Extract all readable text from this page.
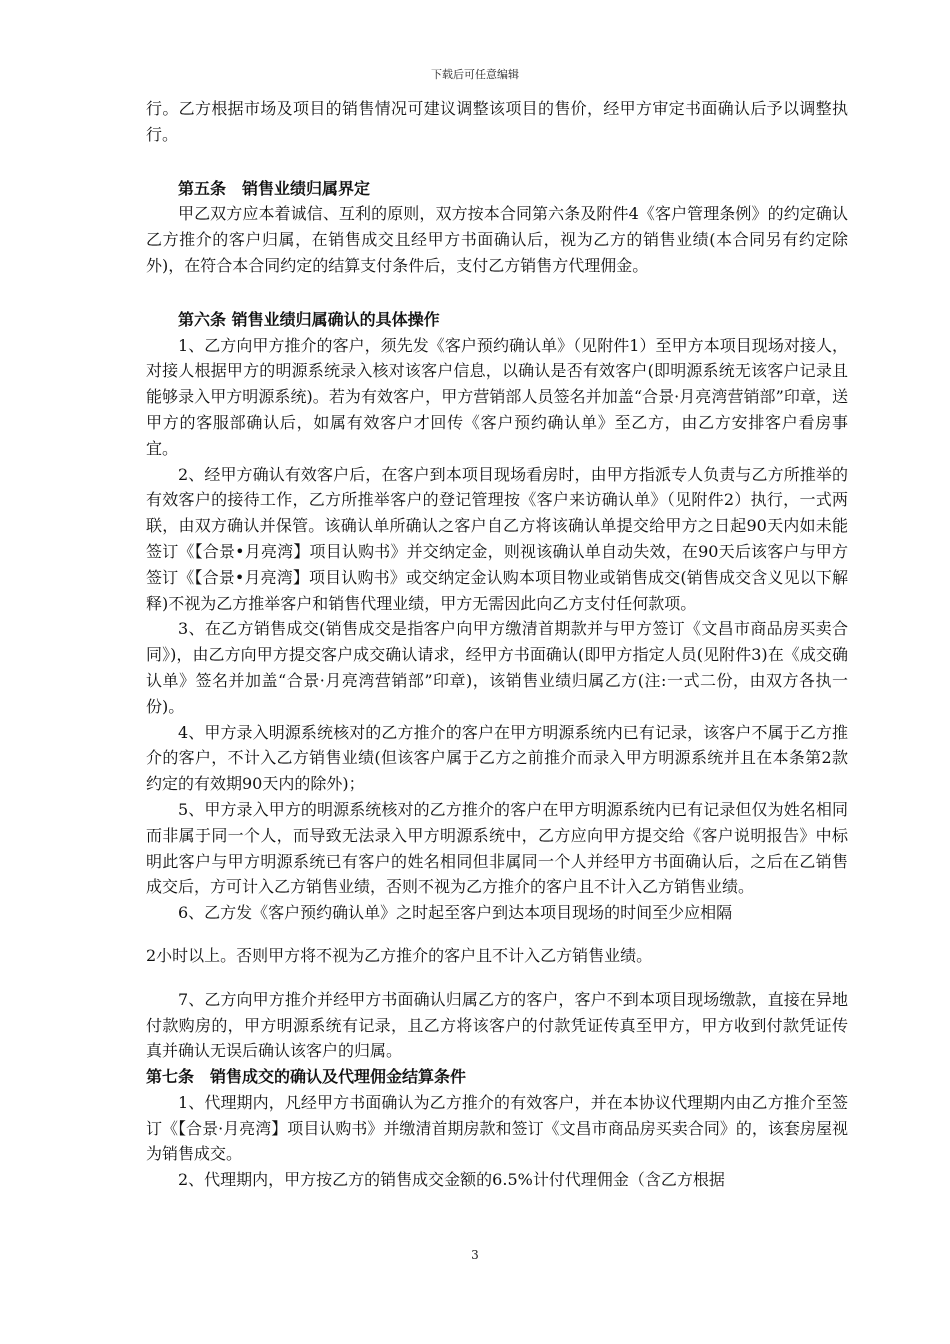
下载后可任意编辑

行。乙方根据市场及项目的销售情况可建议调整该项目的售价，经甲方审定书面确认后予以调整执行。

第五条　销售业绩归属界定

甲乙双方应本着诚信、互利的原则，双方按本合同第六条及附件4《客户管理条例》的约定确认乙方推介的客户归属，在销售成交且经甲方书面确认后，视为乙方的销售业绩(本合同另有约定除外)，在符合本合同约定的结算支付条件后，支付乙方销售方代理佣金。

第六条 销售业绩归属确认的具体操作

1、乙方向甲方推介的客户，须先发《客户预约确认单》（见附件1）至甲方本项目现场对接人，对接人根据甲方的明源系统录入核对该客户信息，以确认是否有效客户(即明源系统无该客户记录且能够录入甲方明源系统)。若为有效客户，甲方营销部人员签名并加盖“合景·月亮湾营销部”印章，送甲方的客服部确认后，如属有效客户才回传《客户预约确认单》至乙方，由乙方安排客户看房事宜。

2、经甲方确认有效客户后，在客户到本项目现场看房时，由甲方指派专人负责与乙方所推举的有效客户的接待工作，乙方所推举客户的登记管理按《客户来访确认单》（见附件2）执行，一式两联，由双方确认并保管。该确认单所确认之客户自乙方将该确认单提交给甲方之日起90天内如未能签订《【合景•月亮湾】项目认购书》并交纳定金，则视该确认单自动失效，在90天后该客户与甲方签订《【合景•月亮湾】项目认购书》或交纳定金认购本项目物业或销售成交(销售成交含义见以下解释)不视为乙方推举客户和销售代理业绩，甲方无需因此向乙方支付任何款项。

3、在乙方销售成交(销售成交是指客户向甲方缴清首期款并与甲方签订《文昌市商品房买卖合同》)，由乙方向甲方提交客户成交确认请求，经甲方书面确认(即甲方指定人员(见附件3)在《成交确认单》签名并加盖“合景·月亮湾营销部”印章)，该销售业绩归属乙方(注:一式二份，由双方各执一份)。

4、甲方录入明源系统核对的乙方推介的客户在甲方明源系统内已有记录，该客户不属于乙方推介的客户，不计入乙方销售业绩(但该客户属于乙方之前推介而录入甲方明源系统并且在本条第2款约定的有效期90天内的除外)；

5、甲方录入甲方的明源系统核对的乙方推介的客户在甲方明源系统内已有记录但仅为姓名相同而非属于同一个人，而导致无法录入甲方明源系统中，乙方应向甲方提交给《客户说明报告》中标明此客户与甲方明源系统已有客户的姓名相同但非属同一个人并经甲方书面确认后，之后在乙销售成交后，方可计入乙方销售业绩，否则不视为乙方推介的客户且不计入乙方销售业绩。

6、乙方发《客户预约确认单》之时起至客户到达本项目现场的时间至少应相隔

2小时以上。否则甲方将不视为乙方推介的客户且不计入乙方销售业绩。

7、乙方向甲方推介并经甲方书面确认归属乙方的客户，客户不到本项目现场缴款，直接在异地付款购房的，甲方明源系统有记录，且乙方将该客户的付款凭证传真至甲方，甲方收到付款凭证传真并确认无误后确认该客户的归属。

第七条　销售成交的确认及代理佣金结算条件

1、代理期内，凡经甲方书面确认为乙方推介的有效客户，并在本协议代理期内由乙方推介至签订《【合景·月亮湾】项目认购书》并缴清首期房款和签订《文昌市商品房买卖合同》的，该套房屋视为销售成交。

2、代理期内，甲方按乙方的销售成交金额的6.5%计付代理佣金（含乙方根据

3
